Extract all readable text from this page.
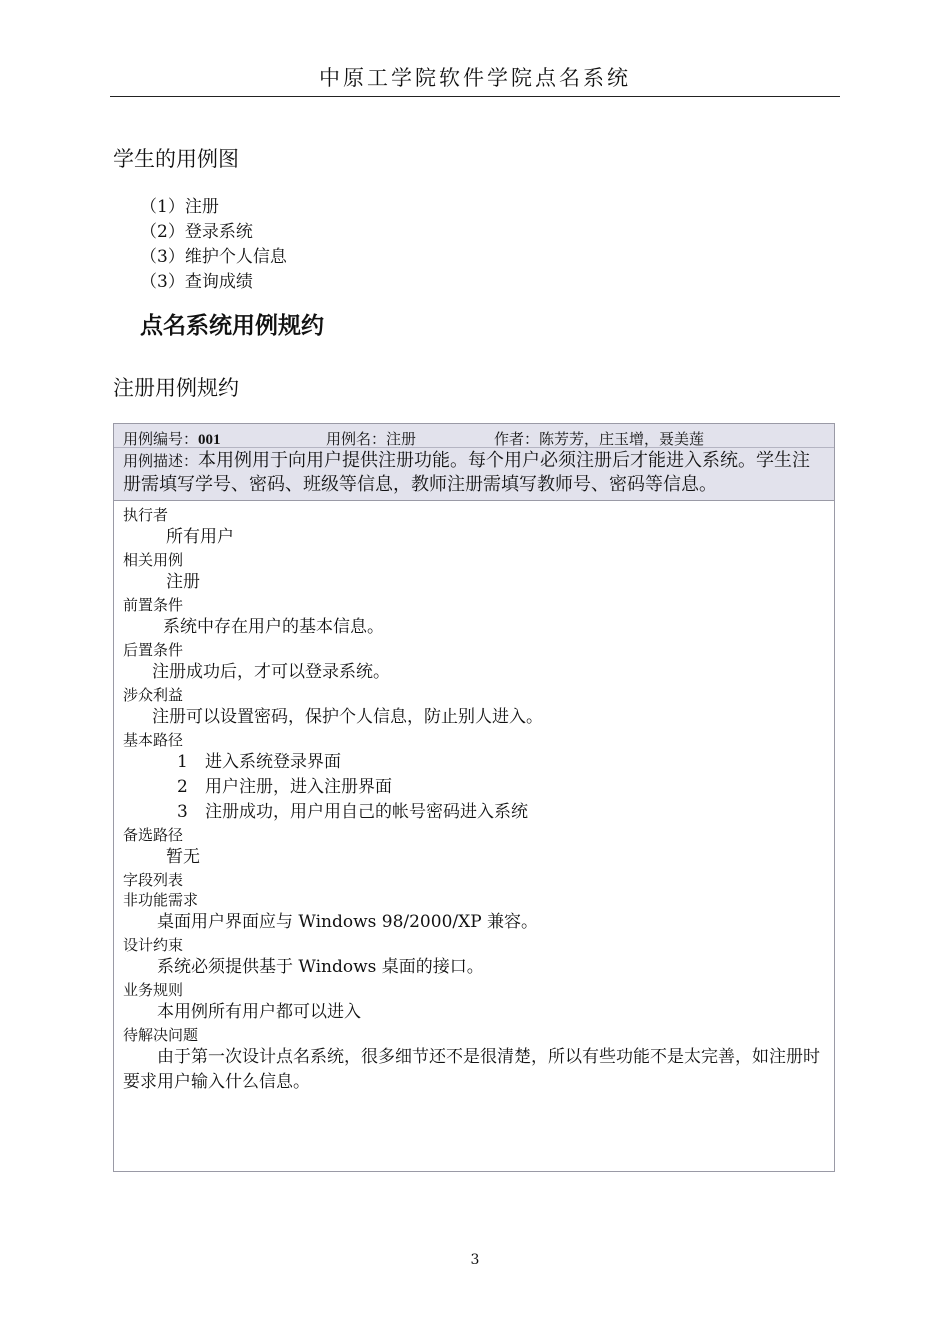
中原工学院软件学院点名系统
学生的用例图
（1）注册
（2）登录系统
（3）维护个人信息
（3）查询成绩
点名系统用例规约
注册用例规约
用例编号：001	用例名：注册	作者：陈芳芳，庄玉增，聂美莲
用例描述：本用例用于向用户提供注册功能。每个用户必须注册后才能进入系统。学生注册需填写学号、密码、班级等信息，教师注册需填写教师号、密码等信息。
执行者
所有用户
相关用例
注册
前置条件
系统中存在用户的基本信息。
后置条件
注册成功后，才可以登录系统。
涉众利益
注册可以设置密码，保护个人信息，防止别人进入。
基本路径
1 进入系统登录界面
2 用户注册，进入注册界面
3 注册成功，用户用自己的帐号密码进入系统
备选路径
暂无
字段列表
非功能需求
桌面用户界面应与 Windows 98/2000/XP 兼容。
设计约束
系统必须提供基于 Windows 桌面的接口。
业务规则
本用例所有用户都可以进入
待解决问题
由于第一次设计点名系统，很多细节还不是很清楚，所以有些功能不是太完善，如注册时要求用户输入什么信息。
3
